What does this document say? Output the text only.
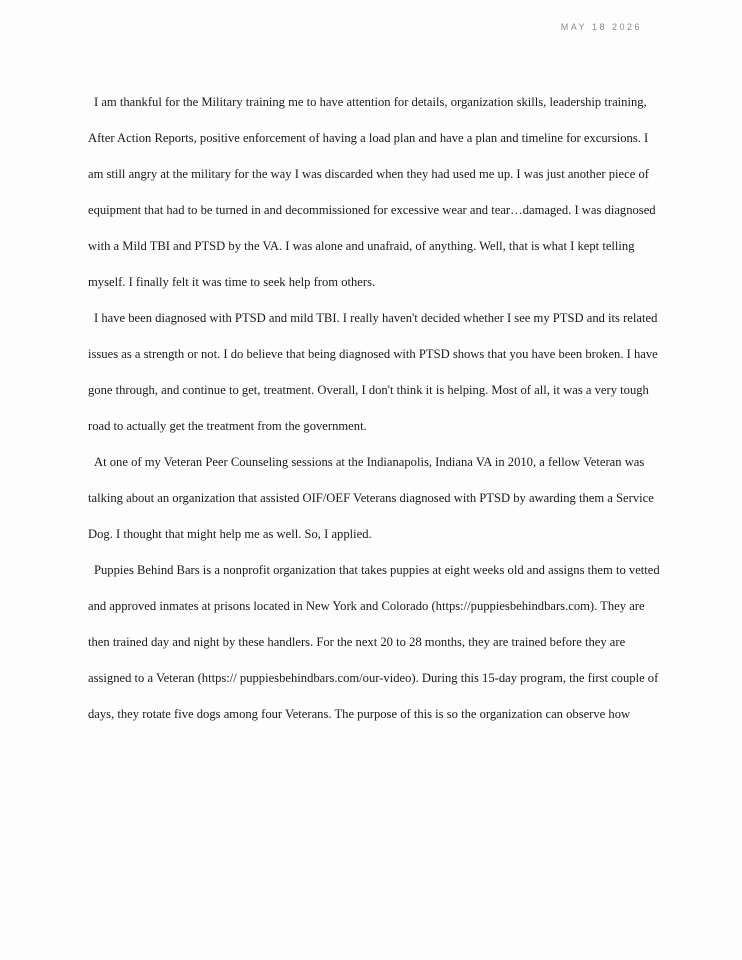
MAY 18 2026

I am thankful for the Military training me to have attention for details, organization skills, leadership training, After Action Reports, positive enforcement of having a load plan and have a plan and timeline for excursions. I am still angry at the military for the way I was discarded when they had used me up. I was just another piece of equipment that had to be turned in and decommissioned for excessive wear and tear…damaged. I was diagnosed with a Mild TBI and PTSD by the VA. I was alone and unafraid, of anything. Well, that is what I kept telling myself. I finally felt it was time to seek help from others.

I have been diagnosed with PTSD and mild TBI. I really haven't decided whether I see my PTSD and its related issues as a strength or not. I do believe that being diagnosed with PTSD shows that you have been broken. I have gone through, and continue to get, treatment. Overall, I don't think it is helping. Most of all, it was a very tough road to actually get the treatment from the government.

At one of my Veteran Peer Counseling sessions at the Indianapolis, Indiana VA in 2010, a fellow Veteran was talking about an organization that assisted OIF/OEF Veterans diagnosed with PTSD by awarding them a Service Dog. I thought that might help me as well. So, I applied.

Puppies Behind Bars is a nonprofit organization that takes puppies at eight weeks old and assigns them to vetted and approved inmates at prisons located in New York and Colorado (https://puppiesbehindbars.com). They are then trained day and night by these handlers. For the next 20 to 28 months, they are trained before they are assigned to a Veteran (https:// puppiesbehindbars.com/our-video). During this 15-day program, the first couple of days, they rotate five dogs among four Veterans. The purpose of this is so the organization can observe how
